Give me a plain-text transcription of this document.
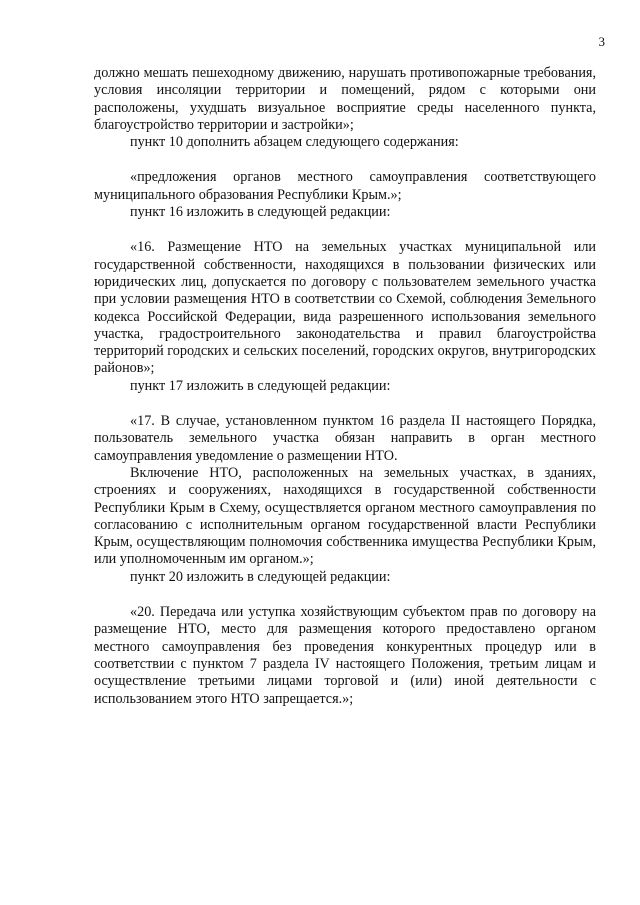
3

должно мешать пешеходному движению, нарушать противопожарные требования, условия инсоляции территории и помещений, рядом с которыми они расположены, ухудшать визуальное восприятие среды населенного пункта, благоустройство территории и застройки»;

пункт 10 дополнить абзацем следующего содержания:

«предложения органов местного самоуправления соответствующего муниципального образования Республики Крым.»;

пункт 16 изложить в следующей редакции:

«16. Размещение НТО на земельных участках муниципальной или государственной собственности, находящихся в пользовании физических или юридических лиц, допускается по договору с пользователем земельного участка при условии размещения НТО в соответствии со Схемой, соблюдения Земельного кодекса Российской Федерации, вида разрешенного использования земельного участка, градостроительного законодательства и правил благоустройства территорий городских и сельских поселений, городских округов, внутригородских районов»;

пункт 17 изложить в следующей редакции:

«17. В случае, установленном пунктом 16 раздела II настоящего Порядка, пользователь земельного участка обязан направить в орган местного самоуправления уведомление о размещении НТО.

Включение НТО, расположенных на земельных участках, в зданиях, строениях и сооружениях, находящихся в государственной собственности Республики Крым в Схему, осуществляется органом местного самоуправления по согласованию с исполнительным органом государственной власти Республики Крым, осуществляющим полномочия собственника имущества Республики Крым, или уполномоченным им органом.»;

пункт 20 изложить в следующей редакции:

«20. Передача или уступка хозяйствующим субъектом прав по договору на размещение НТО, место для размещения которого предоставлено органом местного самоуправления без проведения конкурентных процедур или в соответствии с пунктом 7 раздела IV настоящего Положения, третьим лицам и осуществление третьими лицами торговой и (или) иной деятельности с использованием этого НТО запрещается.»;
